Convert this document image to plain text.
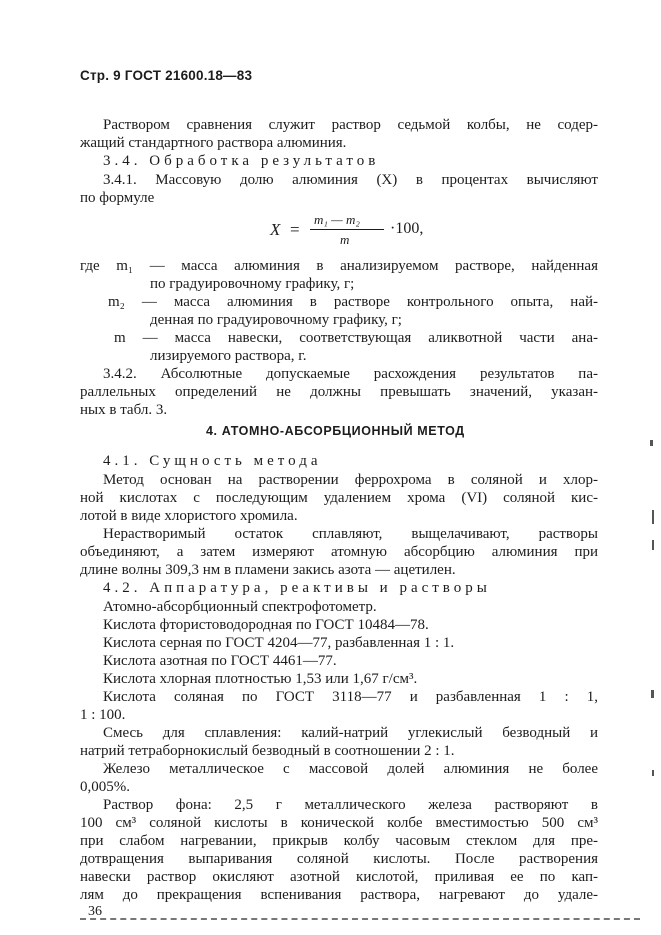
Стр. 9 ГОСТ 21600.18—83
Раствором сравнения служит раствор седьмой колбы, не содер-
жащий стандартного раствора алюминия.
3.4. Обработка результатов
3.4.1. Массовую долю алюминия (X) в процентах вычисляют
по формуле
X =
m₁ — m₂
m
·100,
где m₁ — масса алюминия в анализируемом растворе, найденная
по градуировочному графику, г;
m₂ — масса алюминия в растворе контрольного опыта, най-
денная по градуировочному графику, г;
m — масса навески, соответствующая аликвотной части ана-
лизируемого раствора, г.
3.4.2. Абсолютные допускаемые расхождения результатов па-
раллельных определений не должны превышать значений, указан-
ных в табл. 3.
4. АТОМНО-АБСОРБЦИОННЫЙ МЕТОД
4.1. Сущность метода
Метод основан на растворении феррохрома в соляной и хлор-
ной кислотах с последующим удалением хрома (VI) соляной кис-
лотой в виде хлористого хромила.
Нерастворимый остаток сплавляют, выщелачивают, растворы
объединяют, а затем измеряют атомную абсорбцию алюминия при
длине волны 309,3 нм в пламени закись азота — ацетилен.
4.2. Аппаратура, реактивы и растворы
Атомно-абсорбционный спектрофотометр.
Кислота фтористоводородная по ГОСТ 10484—78.
Кислота серная по ГОСТ 4204—77, разбавленная 1 : 1.
Кислота азотная по ГОСТ 4461—77.
Кислота хлорная плотностью 1,53 или 1,67 г/см³.
Кислота соляная по ГОСТ 3118—77 и разбавленная 1 : 1,
1 : 100.
Смесь для сплавления: калий-натрий углекислый безводный и
натрий тетраборнокислый безводный в соотношении 2 : 1.
Железо металлическое с массовой долей алюминия не более
0,005%.
Раствор фона: 2,5 г металлического железа растворяют в
100 см³ соляной кислоты в конической колбе вместимостью 500 см³
при слабом нагревании, прикрыв колбу часовым стеклом для пре-
дотвращения выпаривания соляной кислоты. После растворения
навески раствор окисляют азотной кислотой, приливая ее по кап-
лям до прекращения вспенивания раствора, нагревают до удале-
36
